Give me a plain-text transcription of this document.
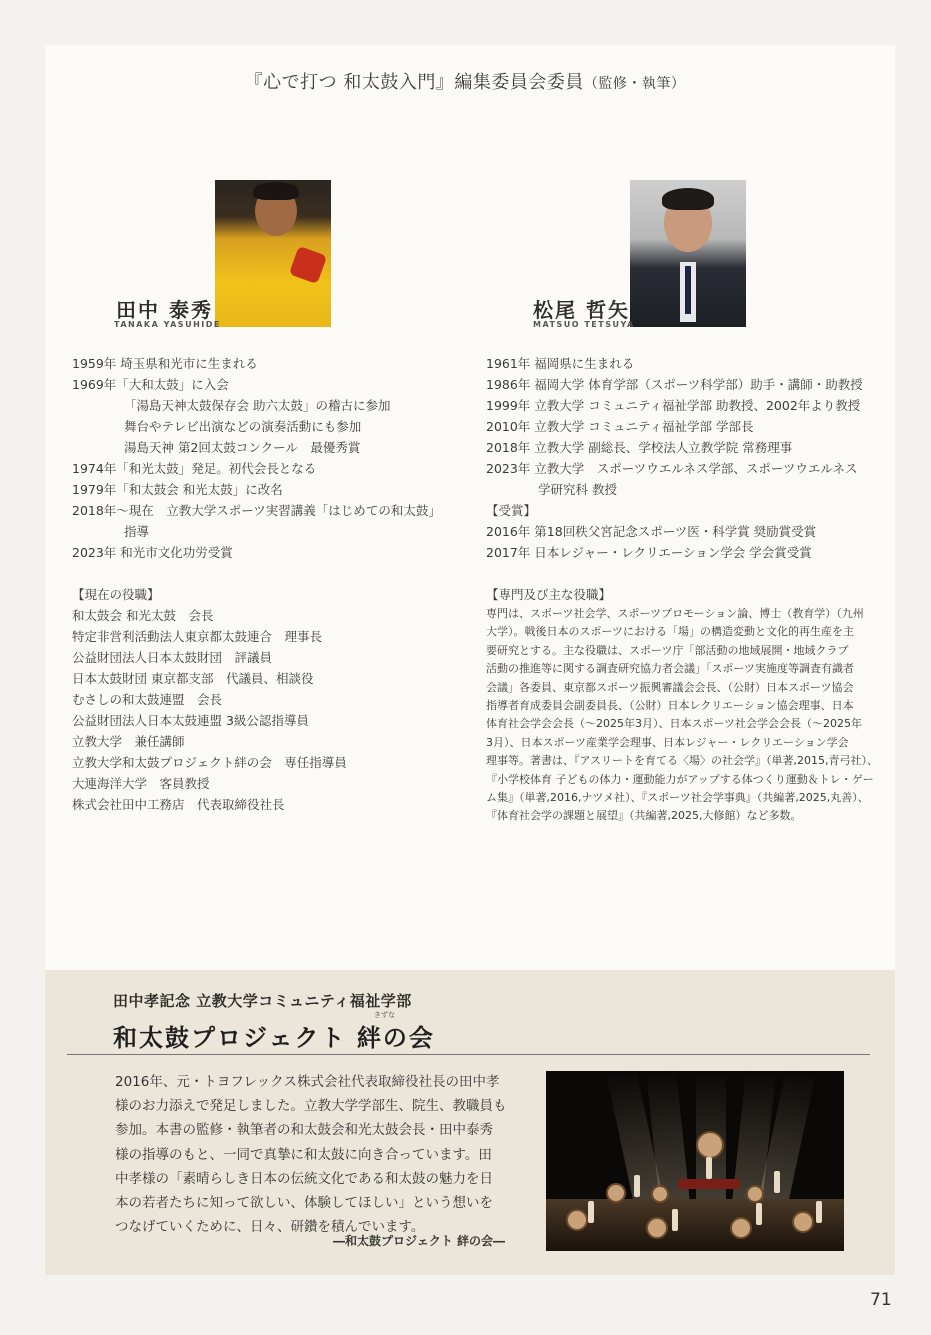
『心で打つ 和太鼓入門』編集委員会委員（監修・執筆）
田中 泰秀
TANAKA YASUHIDE
松尾 哲矢
MATSUO TETSUYA
1959年 埼玉県和光市に生まれる
1969年「大和太鼓」に入会
「湯島天神太鼓保存会 助六太鼓」の稽古に参加
舞台やテレビ出演などの演奏活動にも参加
湯島天神 第2回太鼓コンクール　最優秀賞
1974年「和光太鼓」発足。初代会長となる
1979年「和太鼓会 和光太鼓」に改名
2018年～現在　立教大学スポーツ実習講義「はじめての和太鼓」
指導
2023年 和光市文化功労受賞
【現在の役職】
和太鼓会 和光太鼓　会長
特定非営利活動法人東京都太鼓連合　理事長
公益財団法人日本太鼓財団　評議員
日本太鼓財団 東京都支部　代議員、相談役
むさしの和太鼓連盟　会長
公益財団法人日本太鼓連盟 3級公認指導員
立教大学　兼任講師
立教大学和太鼓プロジェクト絆の会　専任指導員
大連海洋大学　客員教授
株式会社田中工務店　代表取締役社長
1961年 福岡県に生まれる
1986年 福岡大学 体育学部（スポーツ科学部）助手・講師・助教授
1999年 立教大学 コミュニティ福祉学部 助教授、2002年より教授
2010年 立教大学 コミュニティ福祉学部 学部長
2018年 立教大学 副総長、学校法人立教学院 常務理事
2023年 立教大学　スポーツウエルネス学部、スポーツウエルネス
学研究科 教授
【受賞】
2016年 第18回秩父宮記念スポーツ医・科学賞 奨励賞受賞
2017年 日本レジャー・レクリエーション学会 学会賞受賞
【専門及び主な役職】
専門は、スポーツ社会学、スポーツプロモーション論、博士（教育学）（九州
大学）。戦後日本のスポーツにおける「場」の構造変動と文化的再生産を主
要研究とする。主な役職は、スポーツ庁「部活動の地域展開・地域クラブ
活動の推進等に関する調査研究協力者会議」「スポーツ実施度等調査有識者
会議」各委員、東京都スポーツ振興審議会会長、（公財）日本スポーツ協会
指導者育成委員会副委員長、（公財）日本レクリエーション協会理事、日本
体育社会学会会長（～2025年3月）、日本スポーツ社会学会会長（～2025年
3月）、日本スポーツ産業学会理事、日本レジャー・レクリエーション学会
理事等。著書は、『アスリートを育てる〈場〉の社会学』（単著,2015,青弓社）、
『小学校体育 子どもの体力・運動能力がアップする体つくり運動＆トレ・ゲー
ム集』（単著,2016,ナツメ社）、『スポーツ社会学事典』（共編著,2025,丸善）、
『体育社会学の課題と展望』（共編著,2025,大修館）など多数。
田中孝記念 立教大学コミュニティ福祉学部
きずな
和太鼓プロジェクト 絆の会
2016年、元・トヨフレックス株式会社代表取締役社長の田中孝
様のお力添えで発足しました。立教大学学部生、院生、教職員も
参加。本書の監修・執筆者の和太鼓会和光太鼓会長・田中泰秀
様の指導のもと、一同で真摯に和太鼓に向き合っています。田
中孝様の「素晴らしき日本の伝統文化である和太鼓の魅力を日
本の若者たちに知って欲しい、体験してほしい」という想いを
つなげていくために、日々、研鑽を積んでいます。
―和太鼓プロジェクト 絆の会―
71
